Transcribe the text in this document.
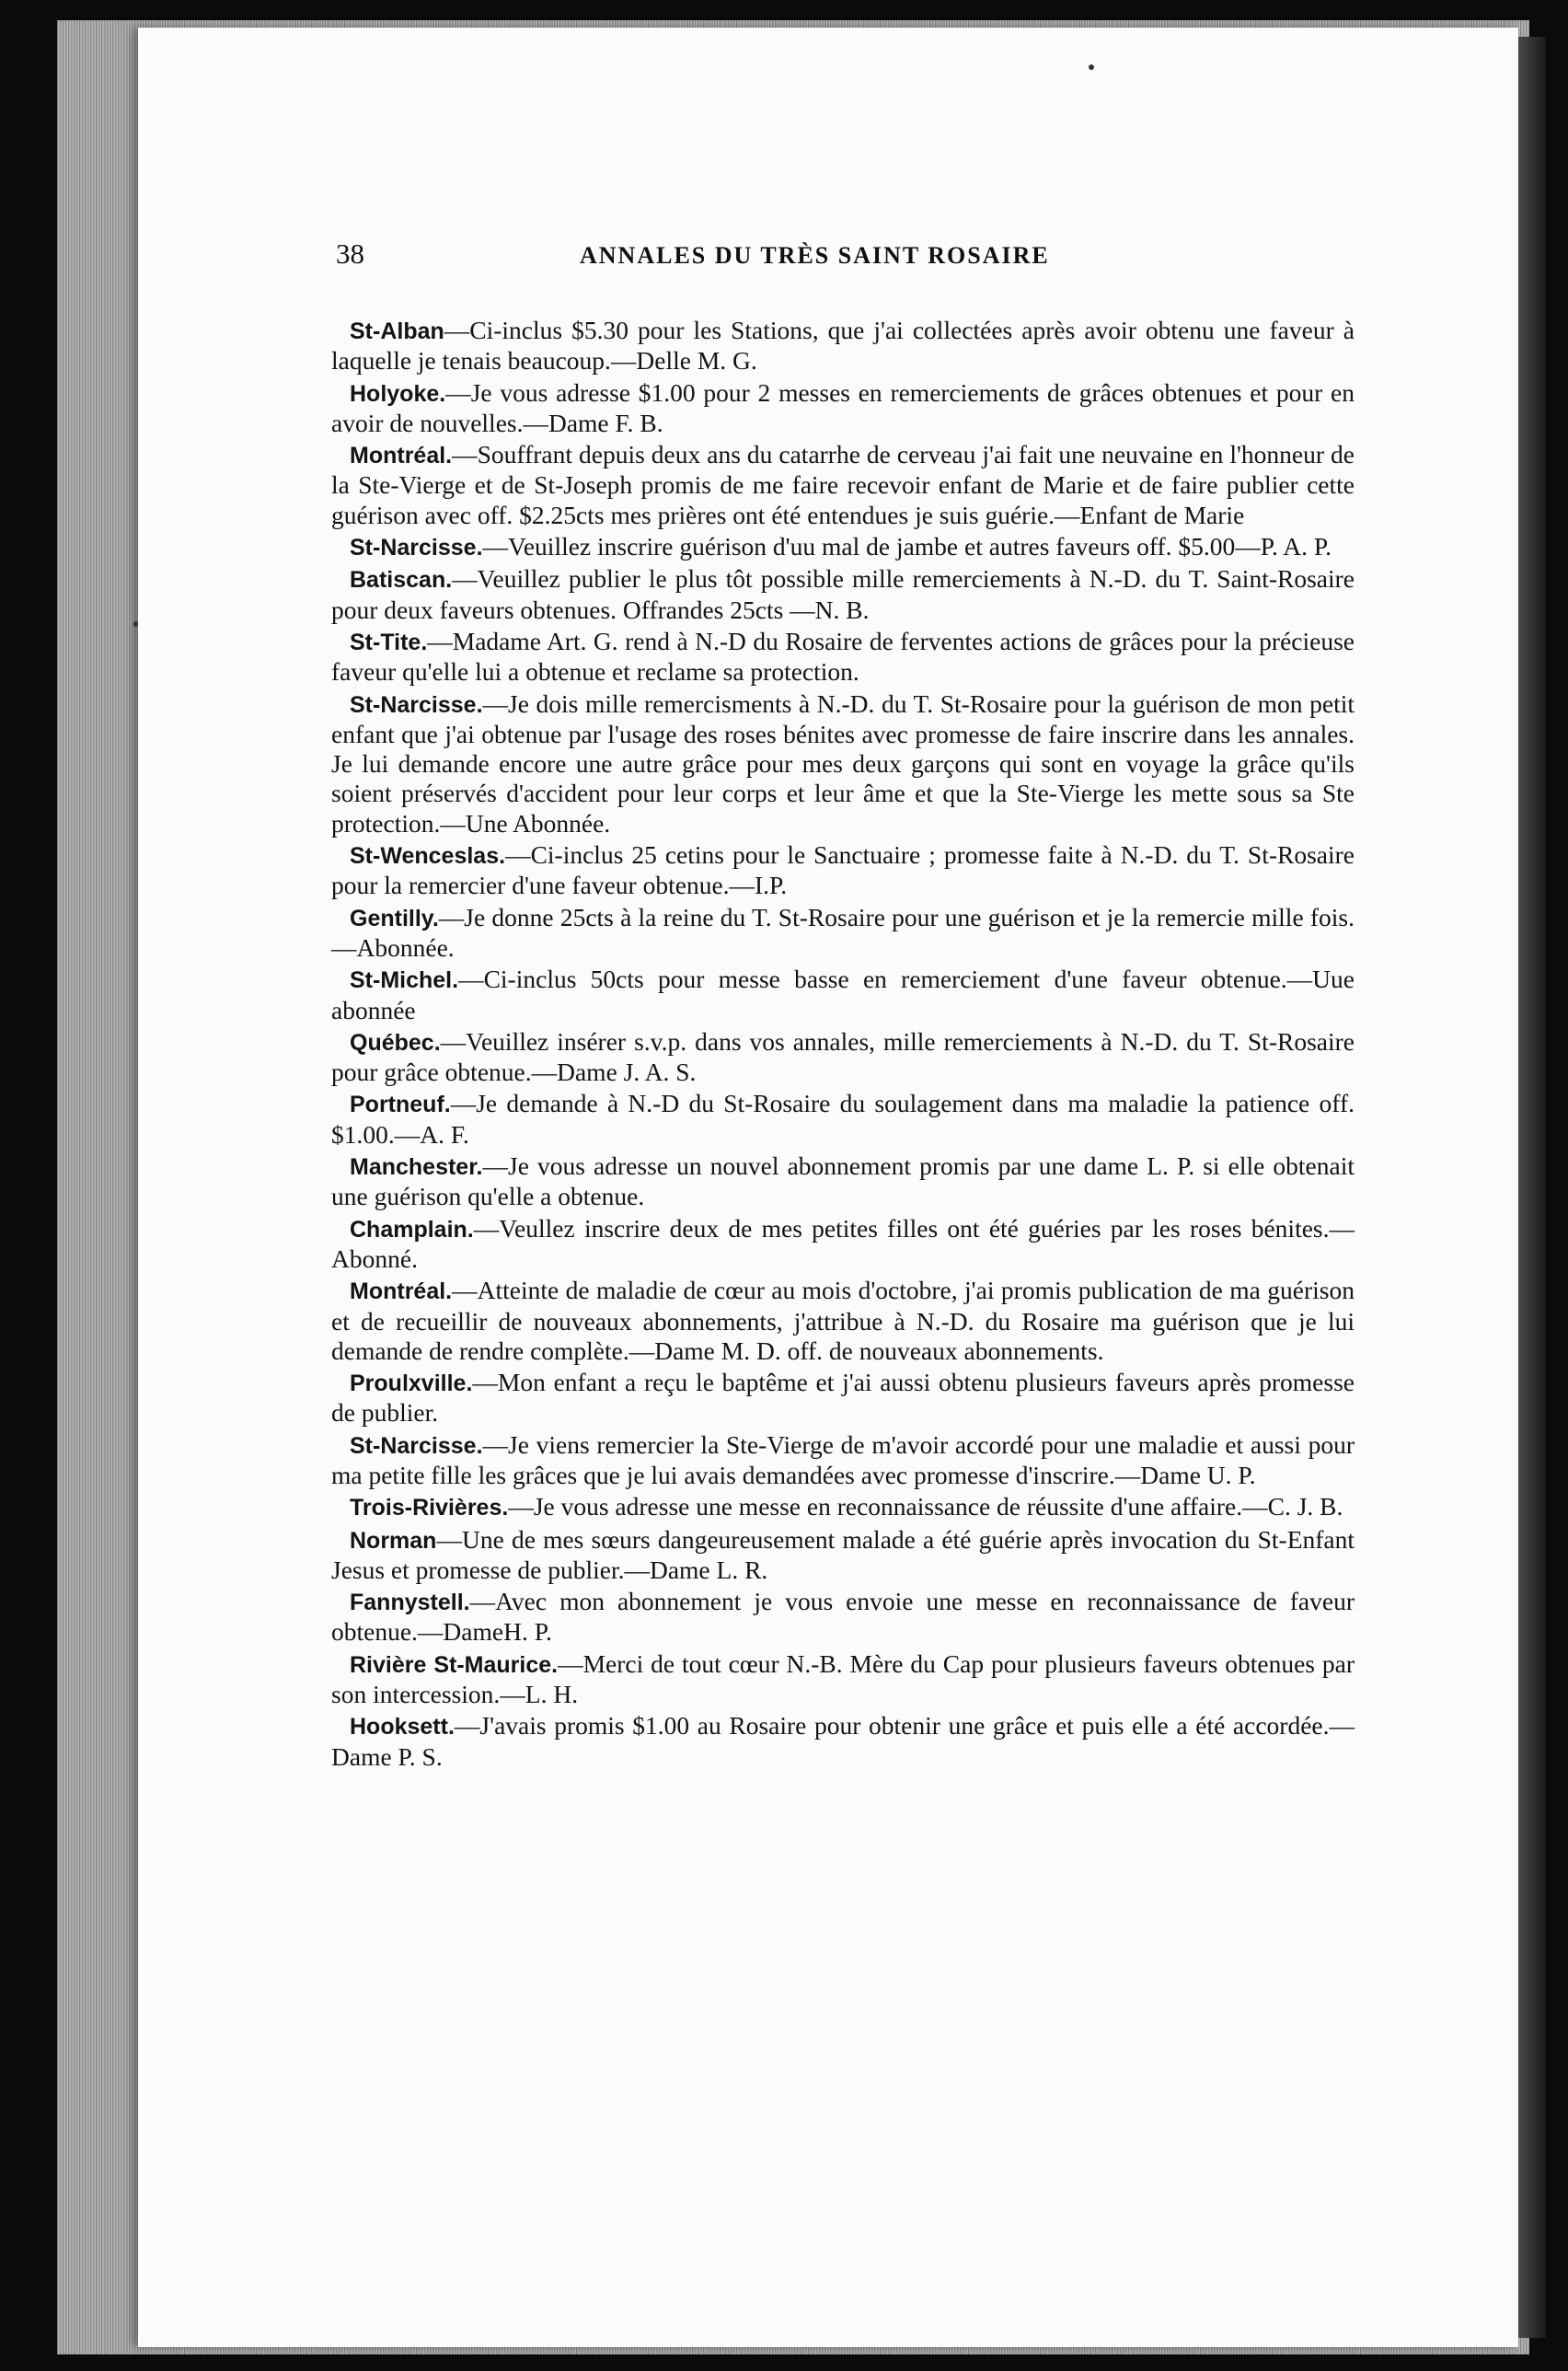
38	ANNALES DU TRÈS SAINT ROSAIRE

St-Alban—Ci-inclus $5.30 pour les Stations, que j'ai collectées après avoir obtenu une faveur à laquelle je tenais beaucoup.—Delle M. G.

Holyoke.—Je vous adresse $1.00 pour 2 messes en remerciements de grâces obtenues et pour en avoir de nouvelles.—Dame F. B.

Montréal.—Souffrant depuis deux ans du catarrhe de cerveau j'ai fait une neuvaine en l'honneur de la Ste-Vierge et de St-Joseph promis de me faire recevoir enfant de Marie et de faire publier cette guérison avec off. $2.25cts mes prières ont été entendues je suis guérie.—Enfant de Marie

St-Narcisse.—Veuillez inscrire guérison d'uu mal de jambe et autres faveurs off. $5.00—P. A. P.

Batiscan.—Veuillez publier le plus tôt possible mille remerciements à N.-D. du T. Saint-Rosaire pour deux faveurs obtenues. Offrandes 25cts —N. B.

St-Tite.—Madame Art. G. rend à N.-D du Rosaire de ferventes actions de grâces pour la précieuse faveur qu'elle lui a obtenue et reclame sa protection.

St-Narcisse.—Je dois mille remercisments à N.-D. du T. St-Rosaire pour la guérison de mon petit enfant que j'ai obtenue par l'usage des roses bénites avec promesse de faire inscrire dans les annales. Je lui demande encore une autre grâce pour mes deux garçons qui sont en voyage la grâce qu'ils soient préservés d'accident pour leur corps et leur âme et que la Ste-Vierge les mette sous sa Ste protection.—Une Abonnée.

St-Wenceslas.—Ci-inclus 25 cetins pour le Sanctuaire ; promesse faite à N.-D. du T. St-Rosaire pour la remercier d'une faveur obtenue.—I.P.

Gentilly.—Je donne 25cts à la reine du T. St-Rosaire pour une guérison et je la remercie mille fois.—Abonnée.

St-Michel.—Ci-inclus 50cts pour messe basse en remerciement d'une faveur obtenue.—Uue abonnée

Québec.—Veuillez insérer s.v.p. dans vos annales, mille remerciements à N.-D. du T. St-Rosaire pour grâce obtenue.—Dame J. A. S.

Portneuf.—Je demande à N.-D du St-Rosaire du soulagement dans ma maladie la patience off. $1.00.—A. F.

Manchester.—Je vous adresse un nouvel abonnement promis par une dame L. P. si elle obtenait une guérison qu'elle a obtenue.

Champlain.—Veullez inscrire deux de mes petites filles ont été guéries par les roses bénites.—Abonné.

Montréal.—Atteinte de maladie de cœur au mois d'octobre, j'ai promis publication de ma guérison et de recueillir de nouveaux abonnements, j'attribue à N.-D. du Rosaire ma guérison que je lui demande de rendre complète.—Dame M. D. off. de nouveaux abonnements.

Proulxville.—Mon enfant a reçu le baptême et j'ai aussi obtenu plusieurs faveurs après promesse de publier.

St-Narcisse.—Je viens remercier la Ste-Vierge de m'avoir accordé pour une maladie et aussi pour ma petite fille les grâces que je lui avais demandées avec promesse d'inscrire.—Dame U. P.

Trois-Rivières.—Je vous adresse une messe en reconnaissance de réussite d'une affaire.—C. J. B.

Norman—Une de mes sœurs dangeureusement malade a été guérie après invocation du St-Enfant Jesus et promesse de publier.—Dame L. R.

Fannystell.—Avec mon abonnement je vous envoie une messe en reconnaissance de faveur obtenue.—DameH. P.

Rivière St-Maurice.—Merci de tout cœur N.-B. Mère du Cap pour plusieurs faveurs obtenues par son intercession.—L. H.

Hooksett.—J'avais promis $1.00 au Rosaire pour obtenir une grâce et puis elle a été accordée.—Dame P. S.
